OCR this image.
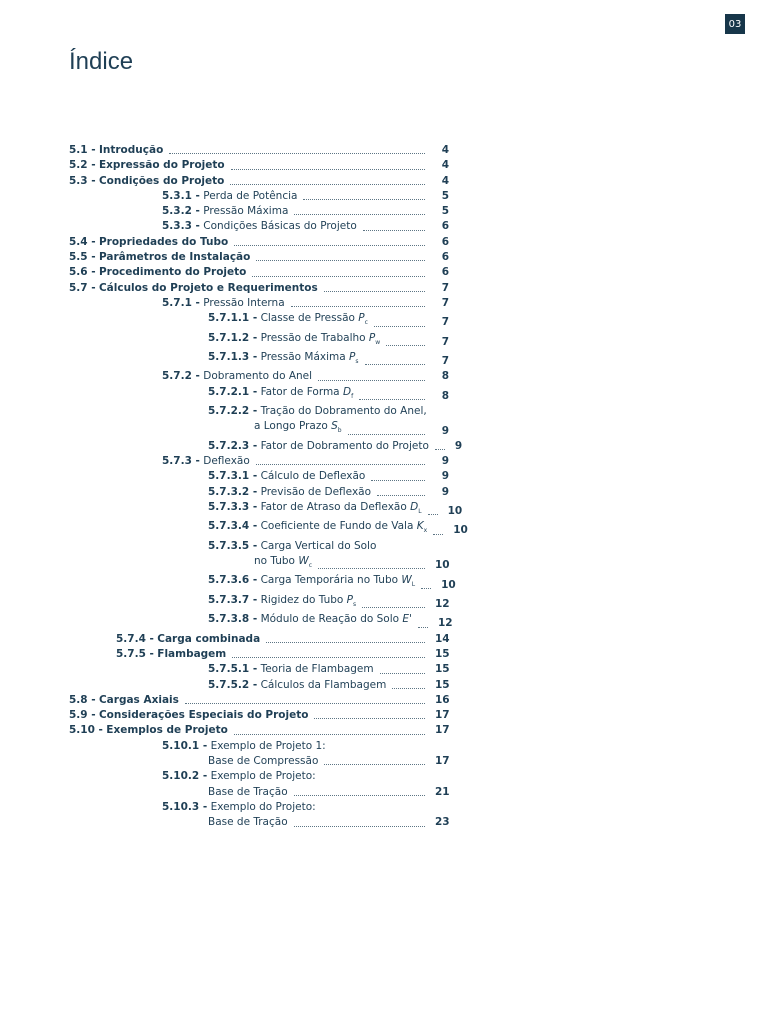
03
Índice
5.1 - Introdução	4
5.2 - Expressão do Projeto	4
5.3 - Condições do Projeto	4
5.3.1 - Perda de Potência	5
5.3.2 - Pressão Máxima	5
5.3.3 - Condições Básicas do Projeto	6
5.4 - Propriedades do Tubo	6
5.5 - Parâmetros de Instalação	6
5.6 - Procedimento do Projeto	6
5.7 - Cálculos do Projeto e Requerimentos	7
5.7.1 - Pressão Interna	7
5.7.1.1 - Classe de Pressão $P_c$	7
5.7.1.2 - Pressão de Trabalho $P_w$	7
5.7.1.3 - Pressão Máxima $P_s$	7
5.7.2 - Dobramento do Anel	8
5.7.2.1 - Fator de Forma $D_f$	8
5.7.2.2 - Tração do Dobramento do Anel,
a Longo Prazo $S_b$	9
5.7.2.3 - Fator de Dobramento do Projeto 9
5.7.3 - Deflexão	9
5.7.3.1 - Cálculo de Deflexão	9
5.7.3.2 - Previsão de Deflexão	9
5.7.3.3 - Fator de Atraso da Deflexão $D_L$ 10
5.7.3.4 - Coeficiente de Fundo de Vala $K_x$ 10
5.7.3.5 - Carga Vertical do Solo
no Tubo $W_c$	10
5.7.3.6 - Carga Temporária no Tubo $W_L$ 10
5.7.3.7 - Rigidez do Tubo $P_s$	12
5.7.3.8 - Módulo de Reação do Solo E' 12
5.7.4 - Carga combinada	14
5.7.5 - Flambagem	15
5.7.5.1 - Teoria de Flambagem	15
5.7.5.2 - Cálculos da Flambagem	15
5.8 - Cargas Axiais	16
5.9 - Considerações Especiais do Projeto	17
5.10 - Exemplos de Projeto	17
5.10.1 - Exemplo de Projeto 1:
Base de Compressão	17
5.10.2 - Exemplo de Projeto:
Base de Tração	21
5.10.3 - Exemplo do Projeto:
Base de Tração	23
